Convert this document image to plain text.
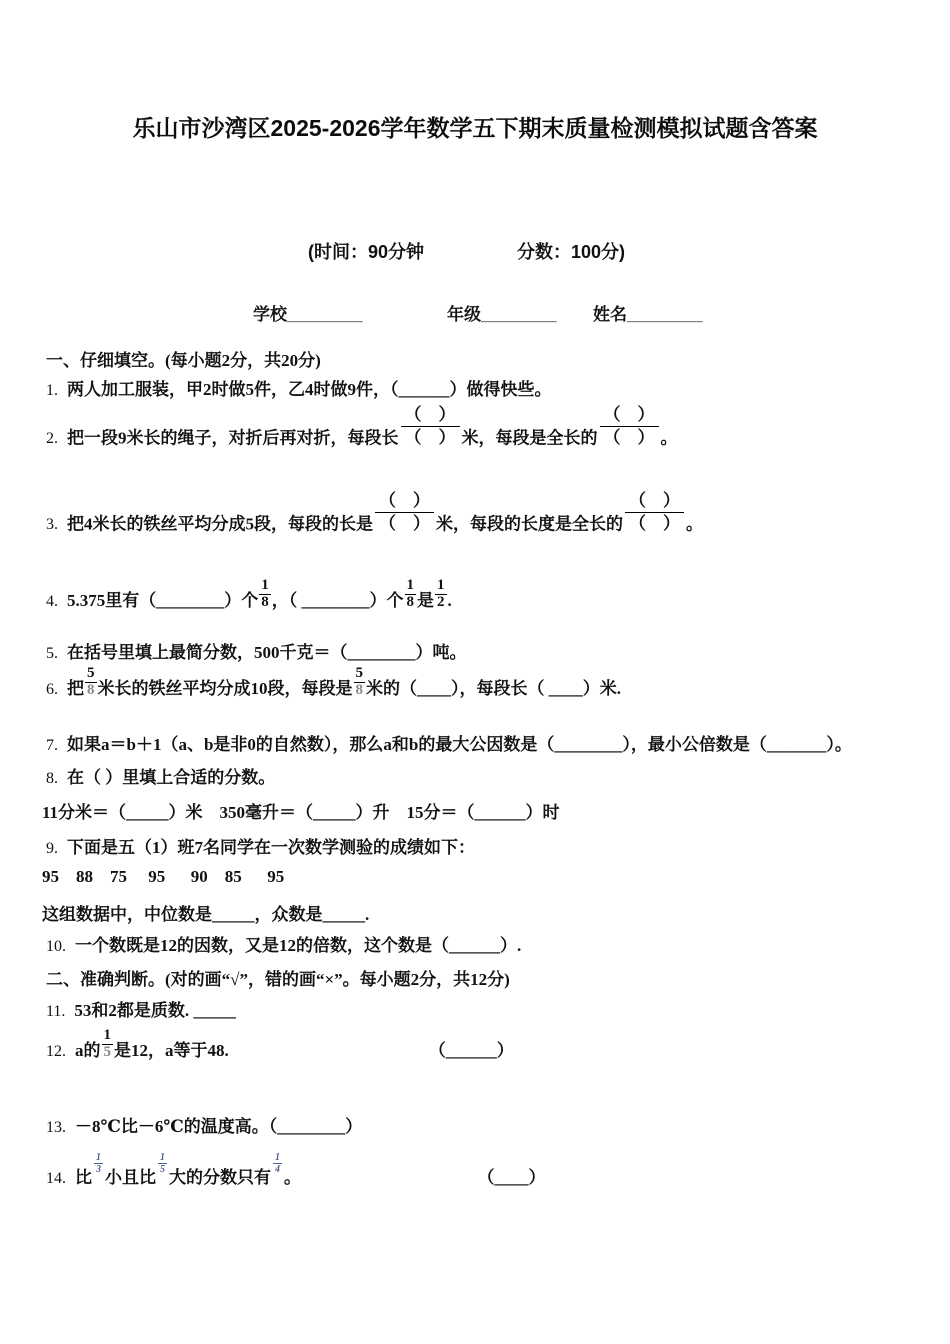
乐山市沙湾区2025-2026学年数学五下期末质量检测模拟试题含答案
(时间：90分钟	分数：100分)
学校________	年级________ 姓名________
一、仔细填空。(每小题2分，共20分)
1. 两人加工服装，甲2时做5件，乙4时做9件，（______）做得快些。
2. 把一段9米长的绳子，对折后再对折，每段长 $\frac{( )}{( )}$ 米，每段是全长的 $\frac{( )}{( )}$ 。
3. 把4米长的铁丝平均分成5段，每段的长是 $\frac{( )}{( )}$ 米，每段的长度是全长的 $\frac{( )}{( )}$ 。
4. 5.375里有（________）个 $\frac{1}{8}$ ，（ ________）个 $\frac{1}{8}$ 是 $\frac{1}{2}$ .
5. 在括号里填上最简分数，500千克＝（________）吨。
6. 把 $\frac{5}{8}$ 米长的铁丝平均分成10段，每段是 $\frac{5}{8}$ 米的（____），每段长（ ____）米.
7. 如果a＝b＋1（a、b是非0的自然数），那么a和b的最大公因数是（________），最小公倍数是（_______）。
8. 在（ ）里填上合适的分数。
11分米＝（_____）米　350毫升＝（_____）升　15分＝（______）时
9. 下面是五（1）班7名同学在一次数学测验的成绩如下：
95    88    75     95      90    85      95
这组数据中，中位数是_____，众数是_____.
10. 一个数既是12的因数，又是12的倍数，这个数是（______）.
二、准确判断。(对的画“√”，错的画“×”。每小题2分，共12分)
11. 53和2都是质数. _____
12. a的 $\frac{1}{5}$ 是12，a等于48.	（______）
13. －8℃比－6℃的温度高。（________）
14. 比
$\frac{1}{3}$
小且比
$\frac{1}{5}$
大的分数只有
$\frac{1}{4}$
。	（____）
